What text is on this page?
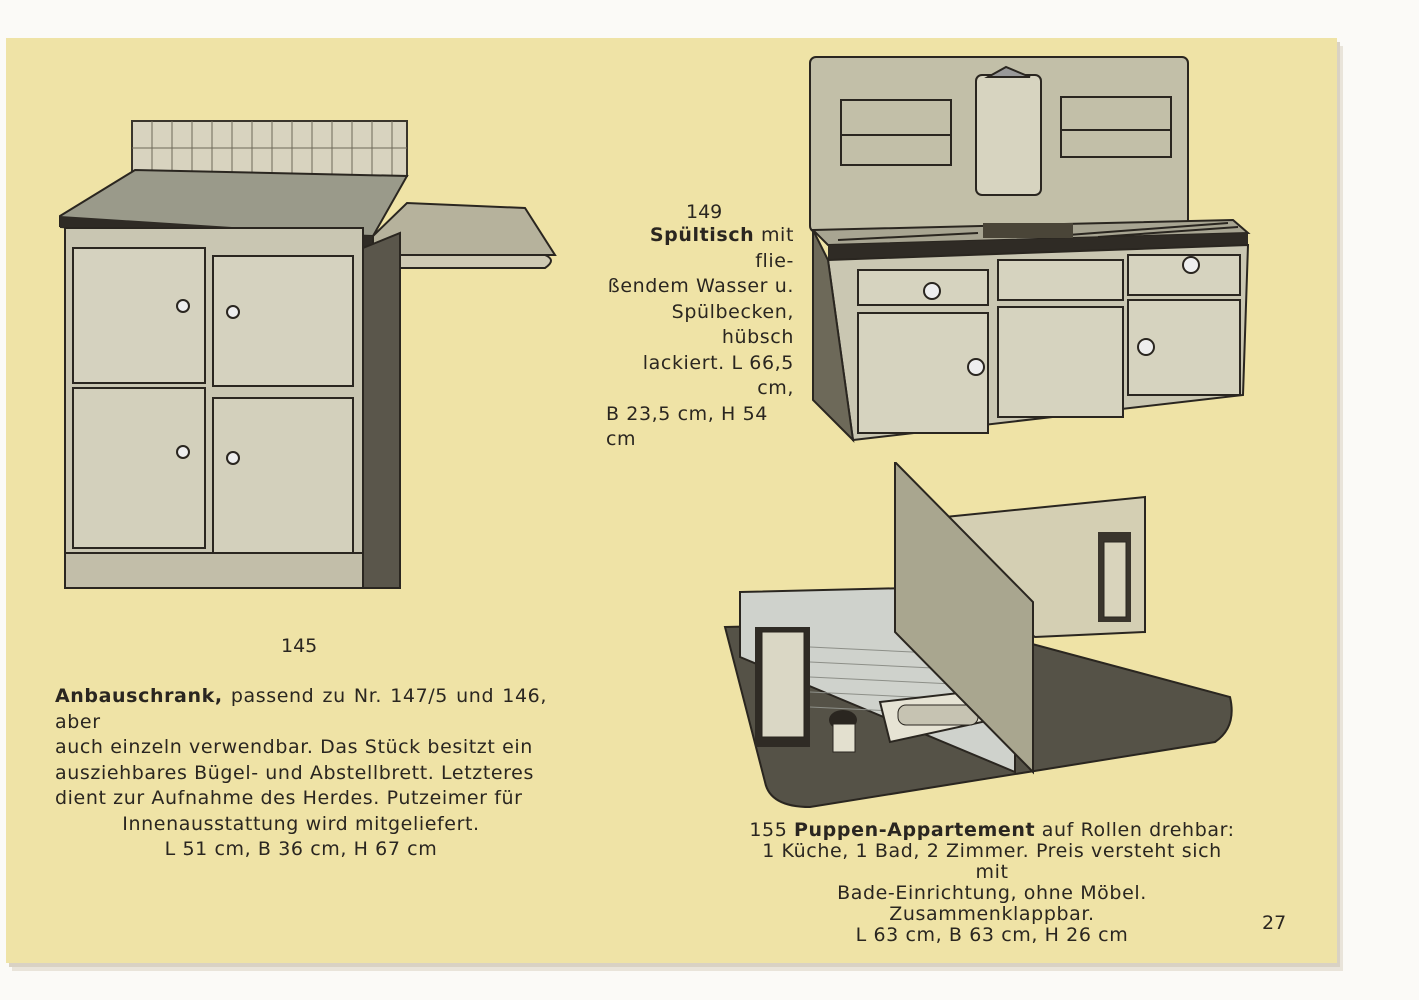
145
Anbauschrank, passend zu Nr. 147/5 und 146, aber
auch einzeln verwendbar. Das Stück besitzt ein
ausziehbares Bügel- und Abstellbrett. Letzteres
dient zur Aufnahme des Herdes. Putzeimer für
Innenausstattung wird mitgeliefert.
L 51 cm, B 36 cm, H 67 cm
149
Spültisch mit flie-
ßendem Wasser u.
Spülbecken, hübsch
lackiert. L 66,5 cm,
B 23,5 cm, H 54 cm
155 Puppen-Appartement auf Rollen drehbar:
1 Küche, 1 Bad, 2 Zimmer. Preis versteht sich mit
Bade-Einrichtung, ohne Möbel. Zusammenklappbar.
L 63 cm, B 63 cm, H 26 cm
27
